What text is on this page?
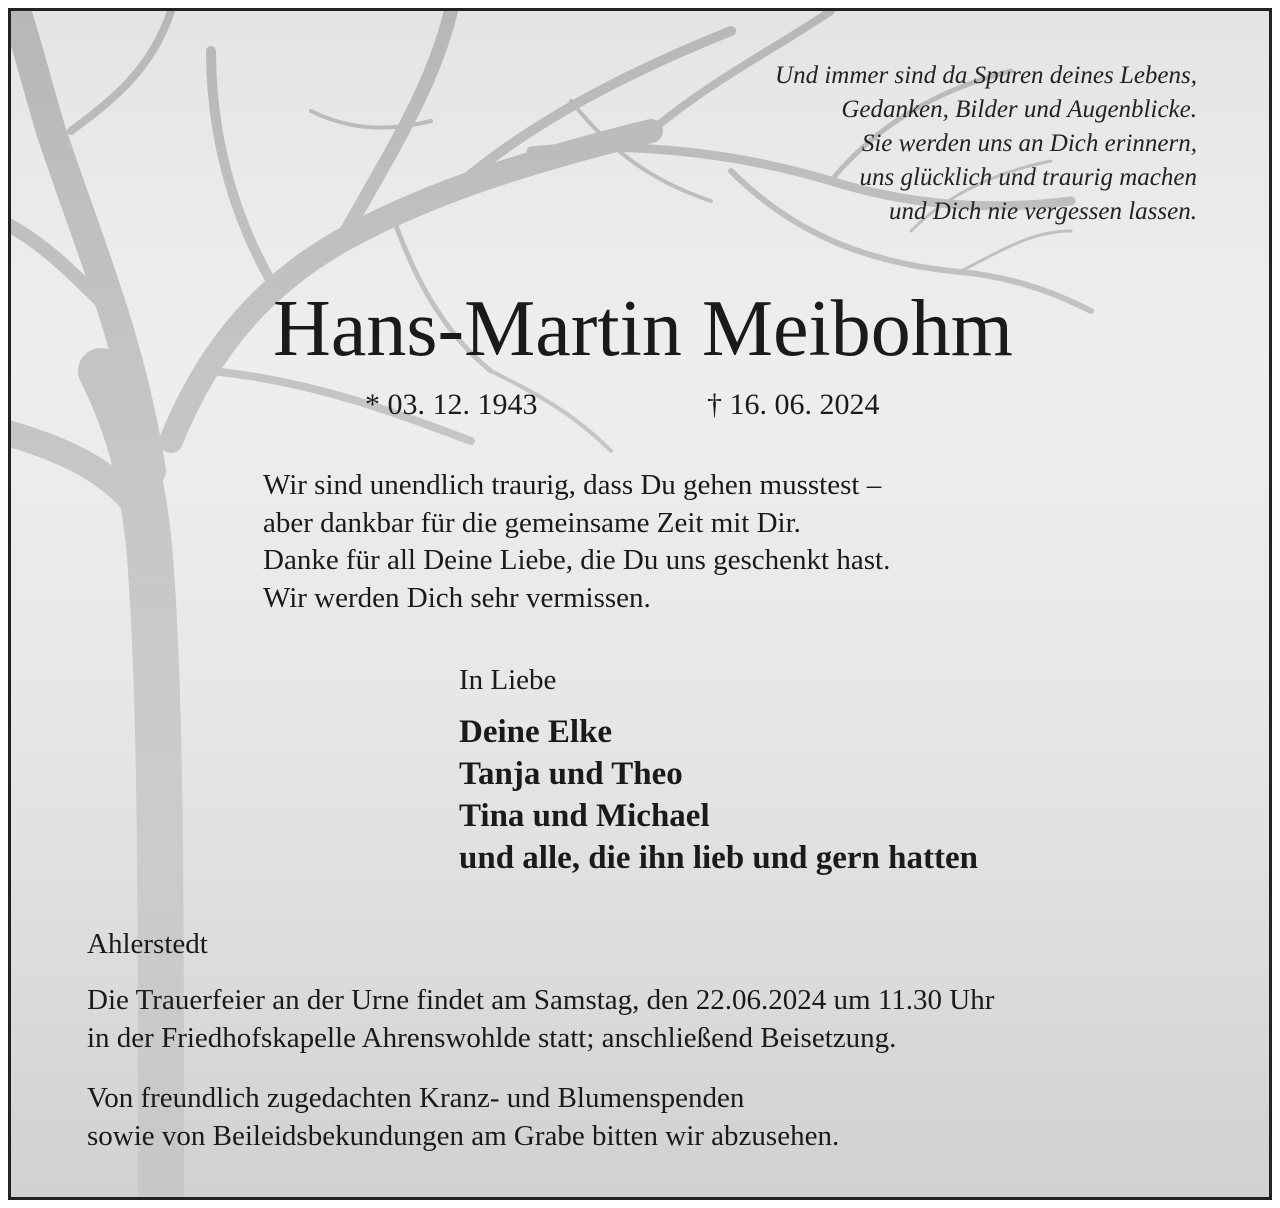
Und immer sind da Spuren deines Lebens,
Gedanken, Bilder und Augenblicke.
Sie werden uns an Dich erinnern,
uns glücklich und traurig machen
und Dich nie vergessen lassen.
Hans-Martin Meibohm
* 03. 12. 1943	† 16. 06. 2024
Wir sind unendlich traurig, dass Du gehen musstest –
aber dankbar für die gemeinsame Zeit mit Dir.
Danke für all Deine Liebe, die Du uns geschenkt hast.
Wir werden Dich sehr vermissen.
In Liebe
Deine Elke
Tanja und Theo
Tina und Michael
und alle, die ihn lieb und gern hatten
Ahlerstedt
Die Trauerfeier an der Urne findet am Samstag, den 22.06.2024 um 11.30 Uhr
in der Friedhofskapelle Ahrenswohlde statt; anschließend Beisetzung.
Von freundlich zugedachten Kranz- und Blumenspenden
sowie von Beileidsbekundungen am Grabe bitten wir abzusehen.
